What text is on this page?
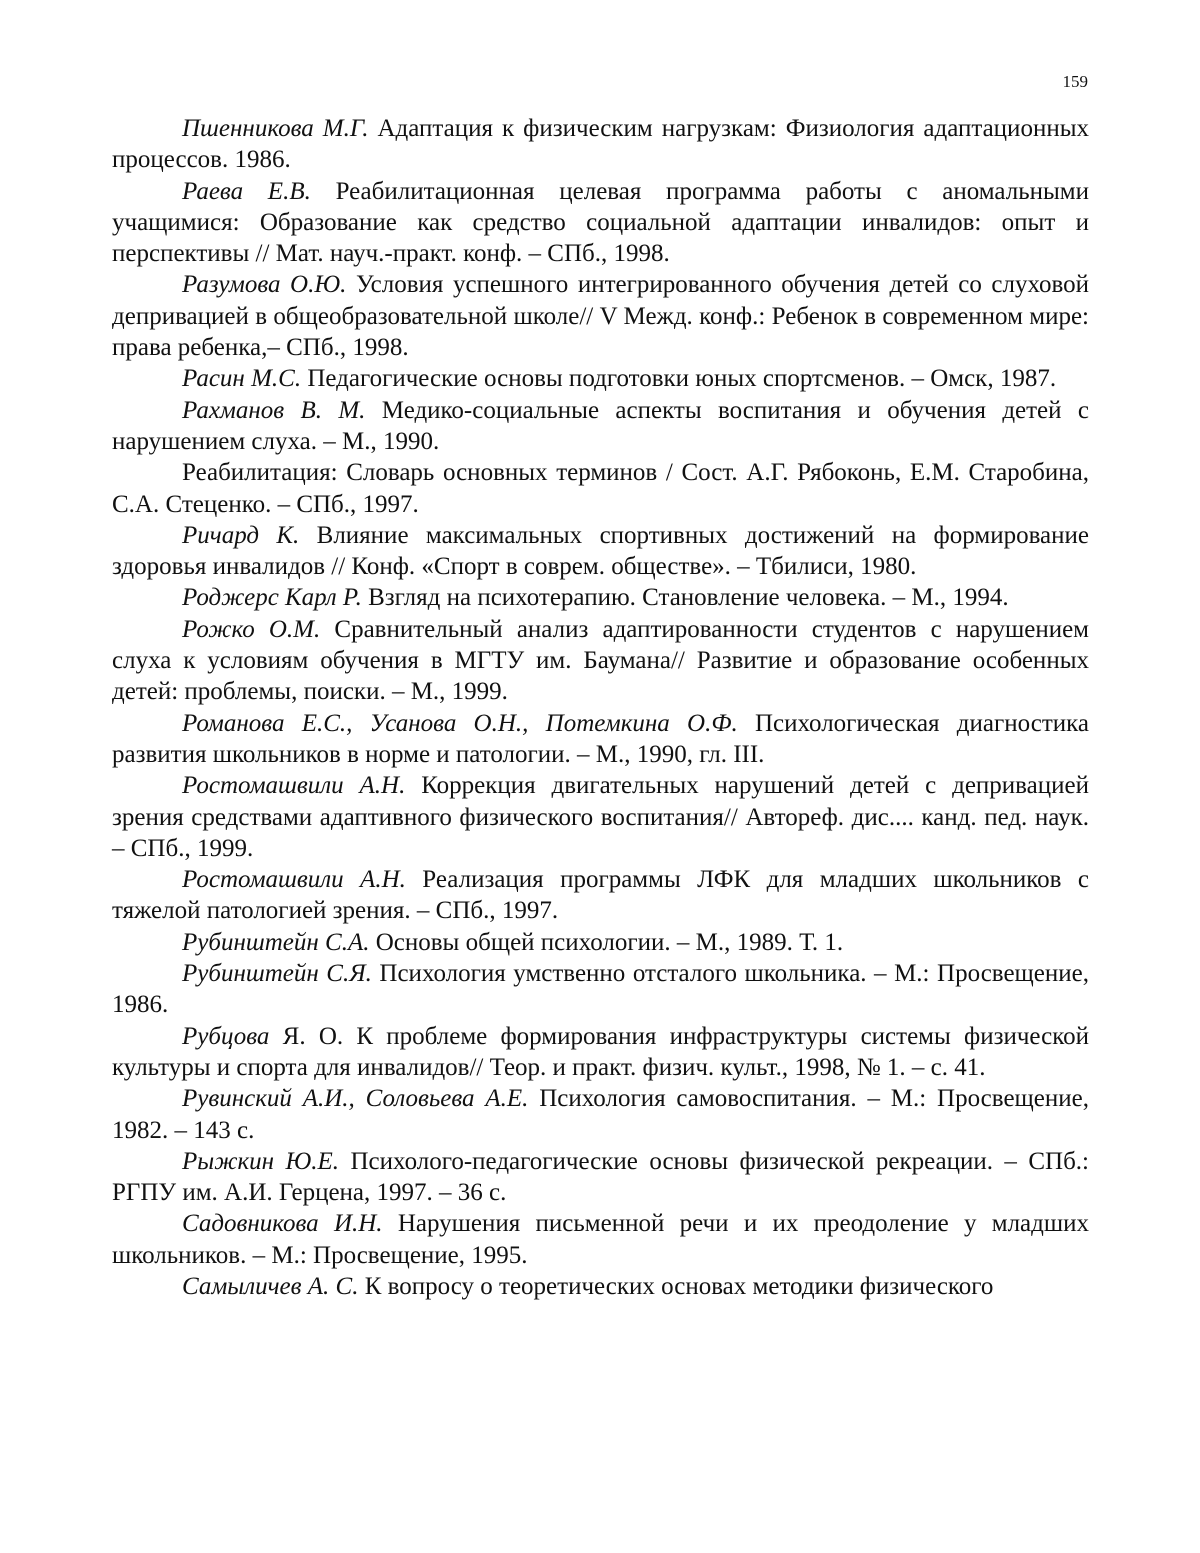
159
Пшенникова М.Г. Адаптация к физическим нагрузкам: Физиология адаптационных процессов. 1986.
Раева Е.В. Реабилитационная целевая программа работы с аномальными учащимися: Образование как средство социальной адаптации инвалидов: опыт и перспективы // Мат. науч.-практ. конф. – СПб., 1998.
Разумова О.Ю. Условия успешного интегрированного обучения детей со слуховой депривацией в общеобразовательной школе// V Межд. конф.: Ребенок в современном мире: права ребенка,– СПб., 1998.
Расин М.С. Педагогические основы подготовки юных спортсменов. – Омск, 1987.
Рахманов В. М. Медико-социальные аспекты воспитания и обучения детей с нарушением слуха. – М., 1990.
Реабилитация: Словарь основных терминов / Сост. А.Г. Рябоконь, Е.М. Старобина, С.А. Стеценко. – СПб., 1997.
Ричард К. Влияние максимальных спортивных достижений на формирование здоровья инвалидов // Конф. «Спорт в соврем. обществе». – Тбилиси, 1980.
Роджерс Карл Р. Взгляд на психотерапию. Становление человека. – М., 1994.
Рожко О.М. Сравнительный анализ адаптированности студентов с нарушением слуха к условиям обучения в МГТУ им. Баумана// Развитие и образование особенных детей: проблемы, поиски. – М., 1999.
Романова Е.С., Усанова О.Н., Потемкина О.Ф. Психологическая диагностика развития школьников в норме и патологии. – М., 1990, гл. III.
Ростомашвили А.Н. Коррекция двигательных нарушений детей с депривацией зрения средствами адаптивного физического воспитания// Автореф. дис.... канд. пед. наук. – СПб., 1999.
Ростомашвили А.Н. Реализация программы ЛФК для младших школьников с тяжелой патологией зрения. – СПб., 1997.
Рубинштейн С.А. Основы общей психологии. – М., 1989. Т. 1.
Рубинштейн С.Я. Психология умственно отсталого школьника. – М.: Просвещение, 1986.
Рубцова Я. О. К проблеме формирования инфраструктуры системы физической культуры и спорта для инвалидов// Теор. и практ. физич. культ., 1998, № 1. – с. 41.
Рувинский А.И., Соловьева А.Е. Психология самовоспитания. – М.: Просвещение, 1982. – 143 с.
Рыжкин Ю.Е. Психолого-педагогические основы физической рекреации. – СПб.: РГПУ им. А.И. Герцена, 1997. – 36 с.
Садовникова И.Н. Нарушения письменной речи и их преодоление у младших школьников. – М.: Просвещение, 1995.
Самыличев А. С. К вопросу о теоретических основах методики физического
